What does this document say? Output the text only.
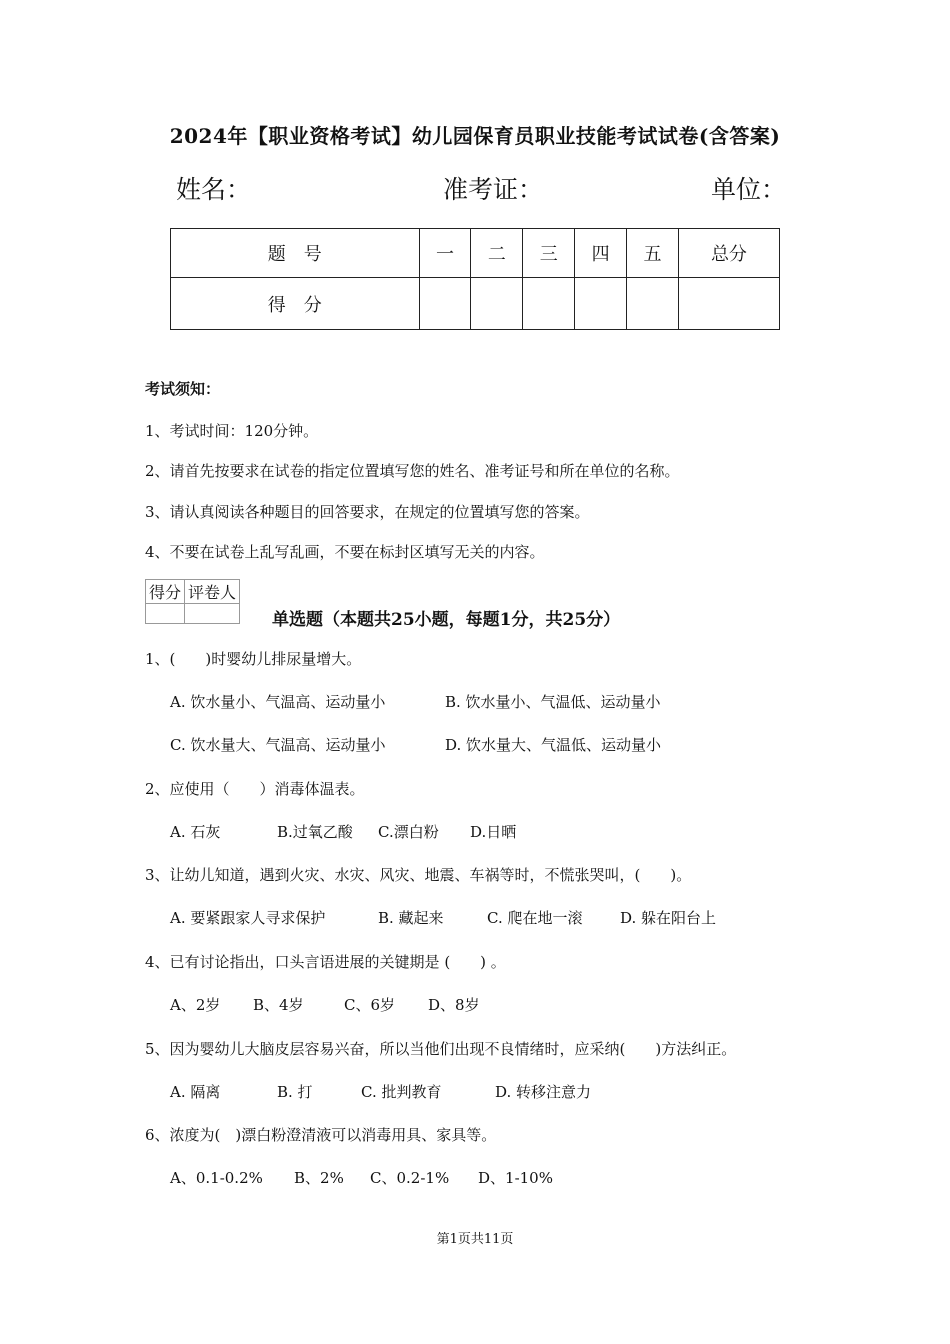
2024年【职业资格考试】幼儿园保育员职业技能考试试卷(含答案)
姓名：	准考证：	单位：
题号	一	二	三	四	五	总分
得分						
考试须知：
1、考试时间：120分钟。
2、请首先按要求在试卷的指定位置填写您的姓名、准考证号和所在单位的名称。
3、请认真阅读各种题目的回答要求，在规定的位置填写您的答案。
4、不要在试卷上乱写乱画，不要在标封区填写无关的内容。
得分	评卷人

单选题（本题共25小题，每题1分，共25分）
1、(　　)时婴幼儿排尿量增大。
A. 饮水量小、气温高、运动量小	B. 饮水量小、气温低、运动量小
C. 饮水量大、气温高、运动量小	D. 饮水量大、气温低、运动量小
2、应使用（　　）消毒体温表。
A. 石灰	B.过氧乙酸 C.漂白粉 D.日晒
3、让幼儿知道，遇到火灾、水灾、风灾、地震、车祸等时，不慌张哭叫，(　　)。
A. 要紧跟家人寻求保护	B. 藏起来	C. 爬在地一滚	D. 躲在阳台上
4、已有讨论指出，口头言语进展的关键期是 (　　) 。
A、2岁 B、4岁	C、6岁 D、8岁
5、因为婴幼儿大脑皮层容易兴奋，所以当他们出现不良情绪时，应采纳(　　)方法纠正。
A. 隔离	B. 打	C. 批判教育	D. 转移注意力
6、浓度为(　)漂白粉澄清液可以消毒用具、家具等。
A、0.1-0.2% B、2% C、0.2-1% D、1-10%
第1页共11页
